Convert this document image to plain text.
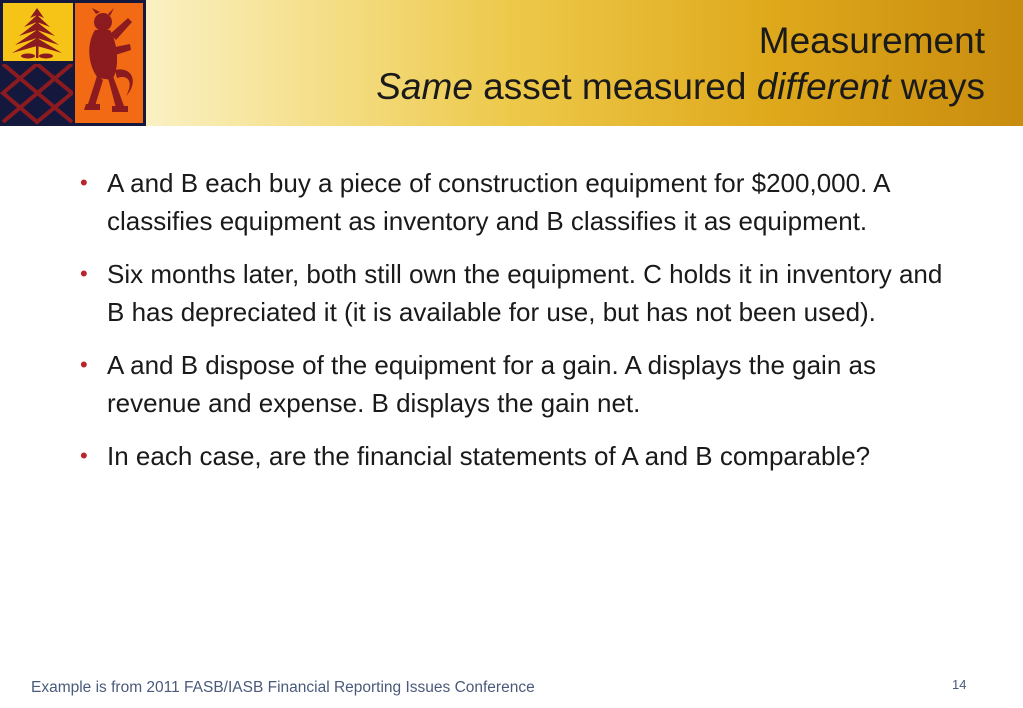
Measurement
Same asset measured different ways
• A and B each buy a piece of construction equipment for $200,000. A classifies equipment as inventory and B classifies it as equipment.
• Six months later, both still own the equipment. C holds it in inventory and B has depreciated it (it is available for use, but has not been used).
• A and B dispose of the equipment for a gain. A displays the gain as revenue and expense. B displays the gain net.
• In each case, are the financial statements of A and B comparable?
Example is from 2011 FASB/IASB Financial Reporting Issues Conference	14
